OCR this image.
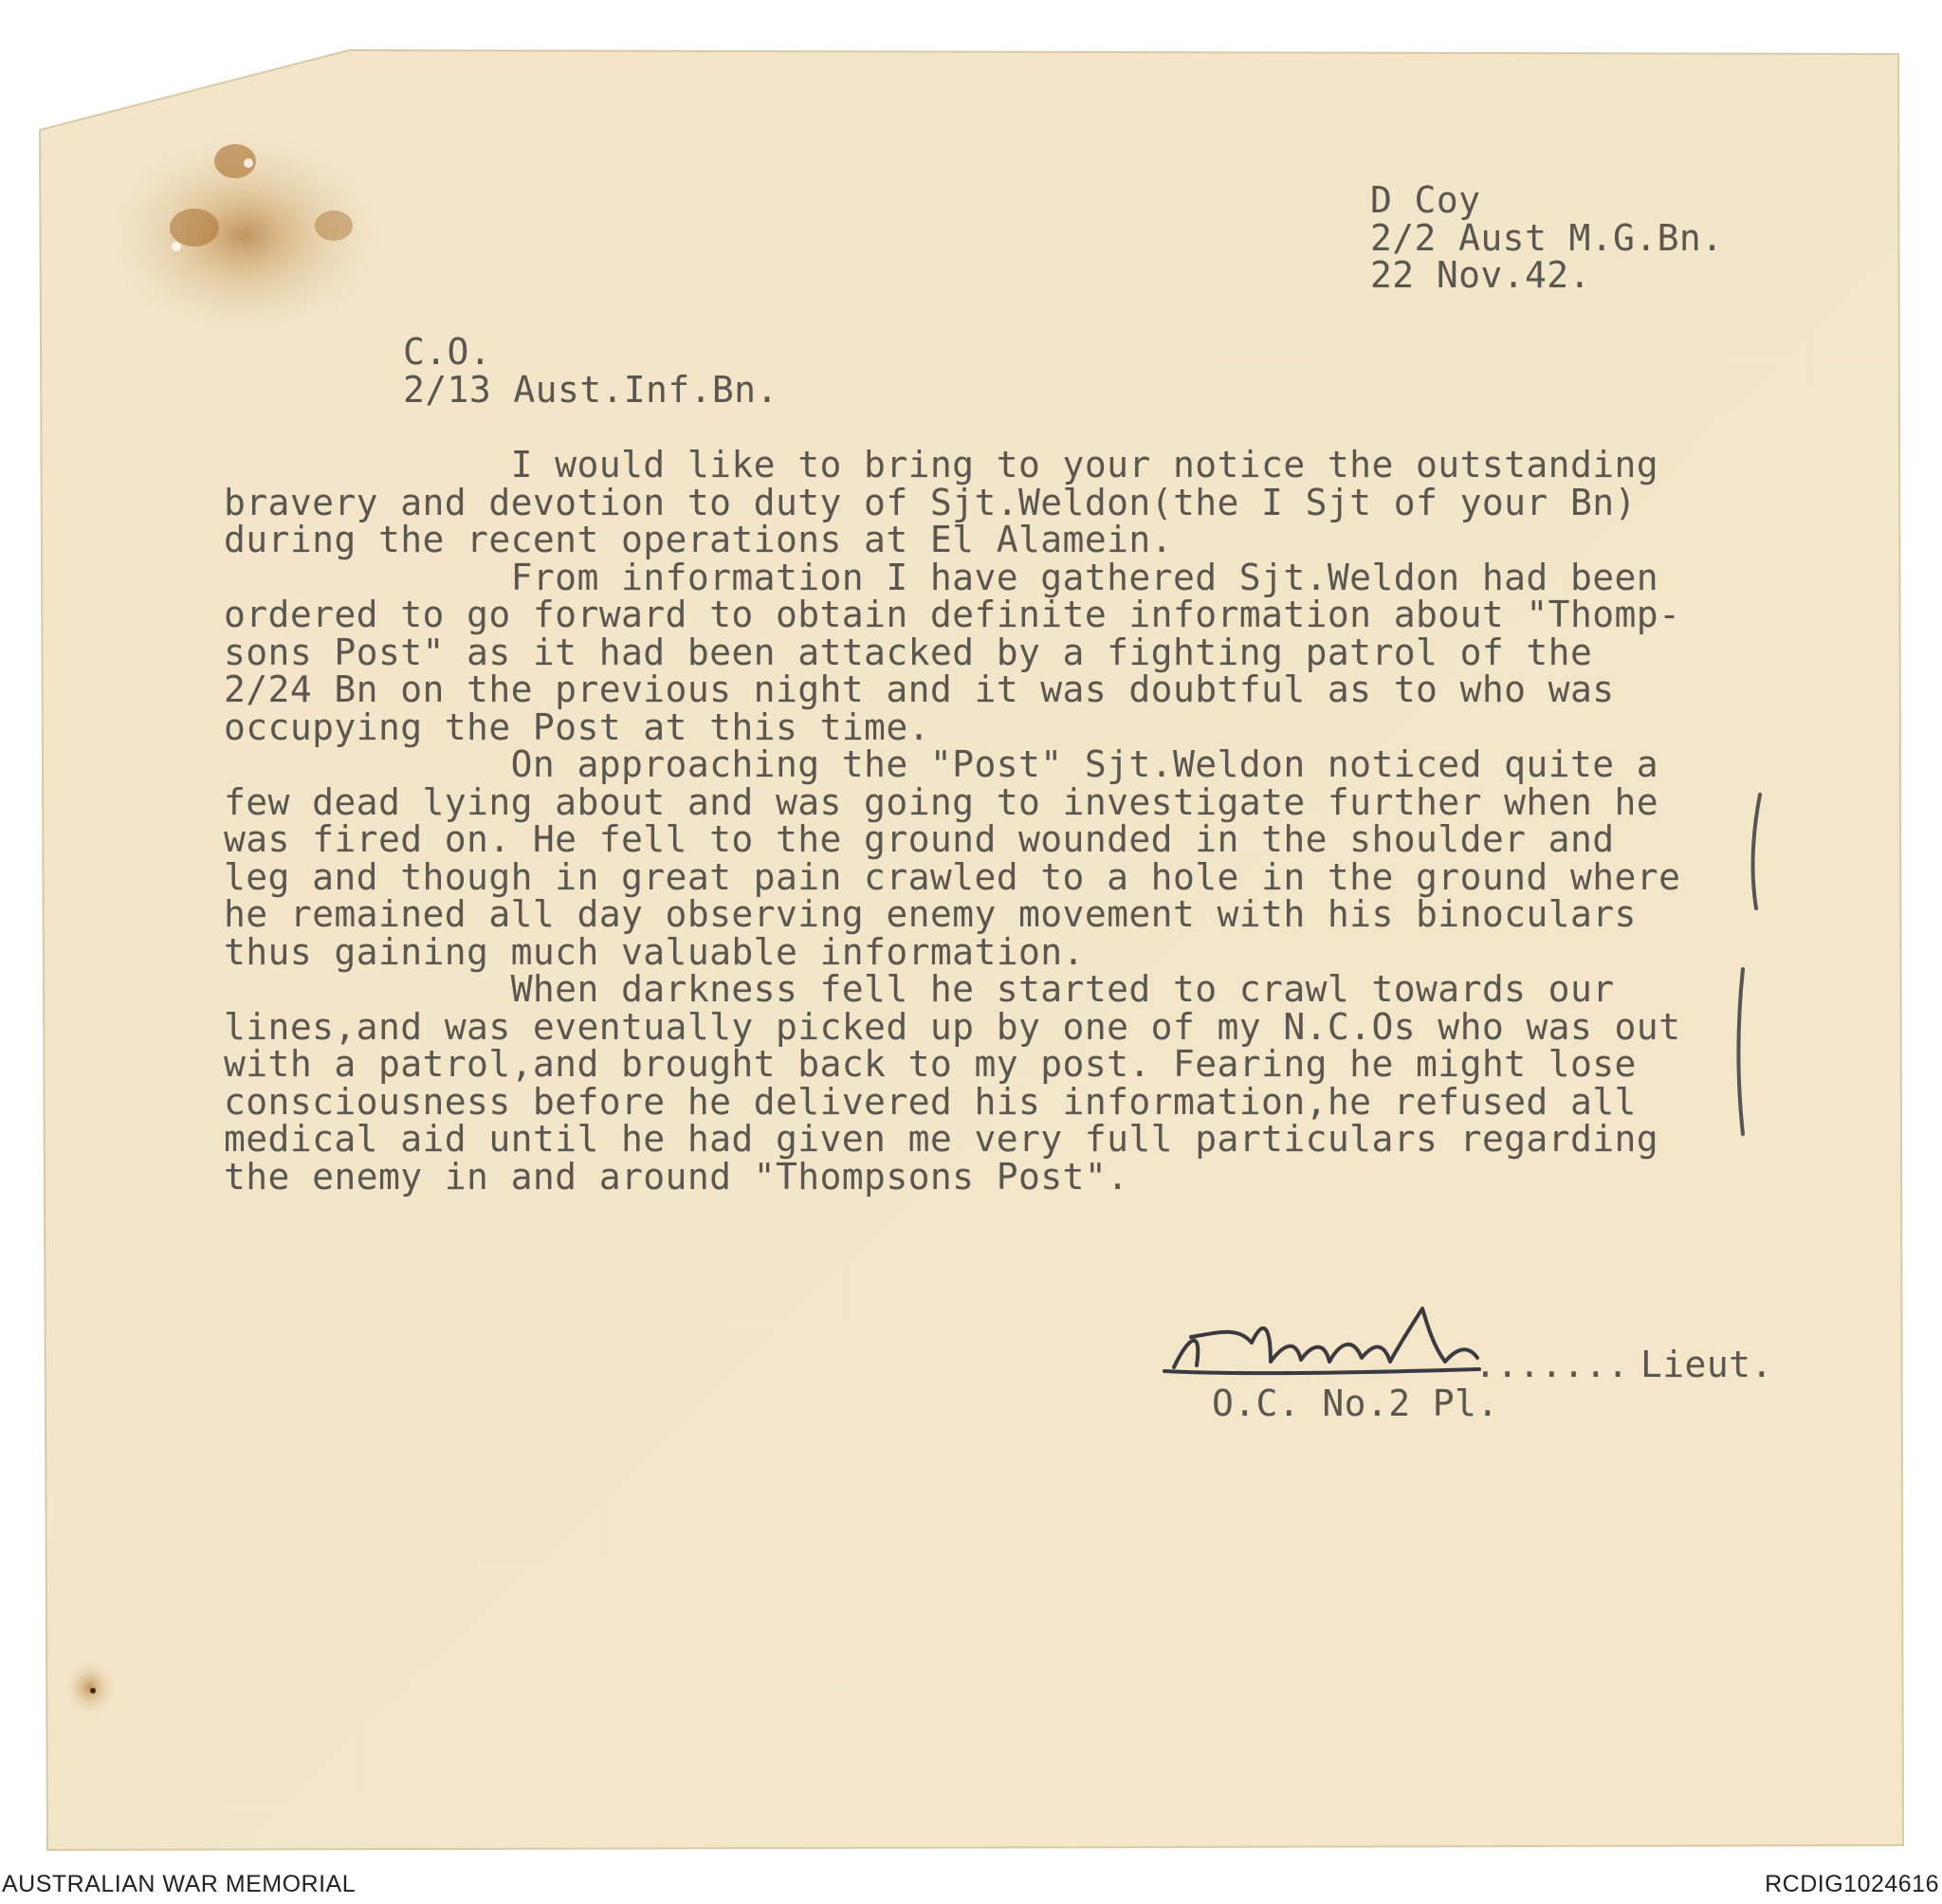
D Coy
2/2 Aust M.G.Bn.
22 Nov.42.
C.O.
2/13 Aust.Inf.Bn.
I would like to bring to your notice the outstanding
bravery and devotion to duty of Sjt.Weldon(the I Sjt of your Bn)
during the recent operations at El Alamein.
From information I have gathered Sjt.Weldon had been
ordered to go forward to obtain definite information about "Thomp-
sons Post" as it had been attacked by a fighting patrol of the
2/24 Bn on the previous night and it was doubtful as to who was
occupying the Post at this time.
On approaching the "Post" Sjt.Weldon noticed quite a
few dead lying about and was going to investigate further when he
was fired on. He fell to the ground wounded in the shoulder and
leg and though in great pain crawled to a hole in the ground where
he remained all day observing enemy movement with his binoculars
thus gaining much valuable information.
When darkness fell he started to crawl towards our
lines,and was eventually picked up by one of my N.C.Os who was out
with a patrol,and brought back to my post. Fearing he might lose
consciousness before he delivered his information,he refused all
medical aid until he had given me very full particulars regarding
the enemy in and around "Thompsons Post".
....... Lieut.
O.C. No.2 Pl.
AUSTRALIAN WAR MEMORIAL	RCDIG1024616
